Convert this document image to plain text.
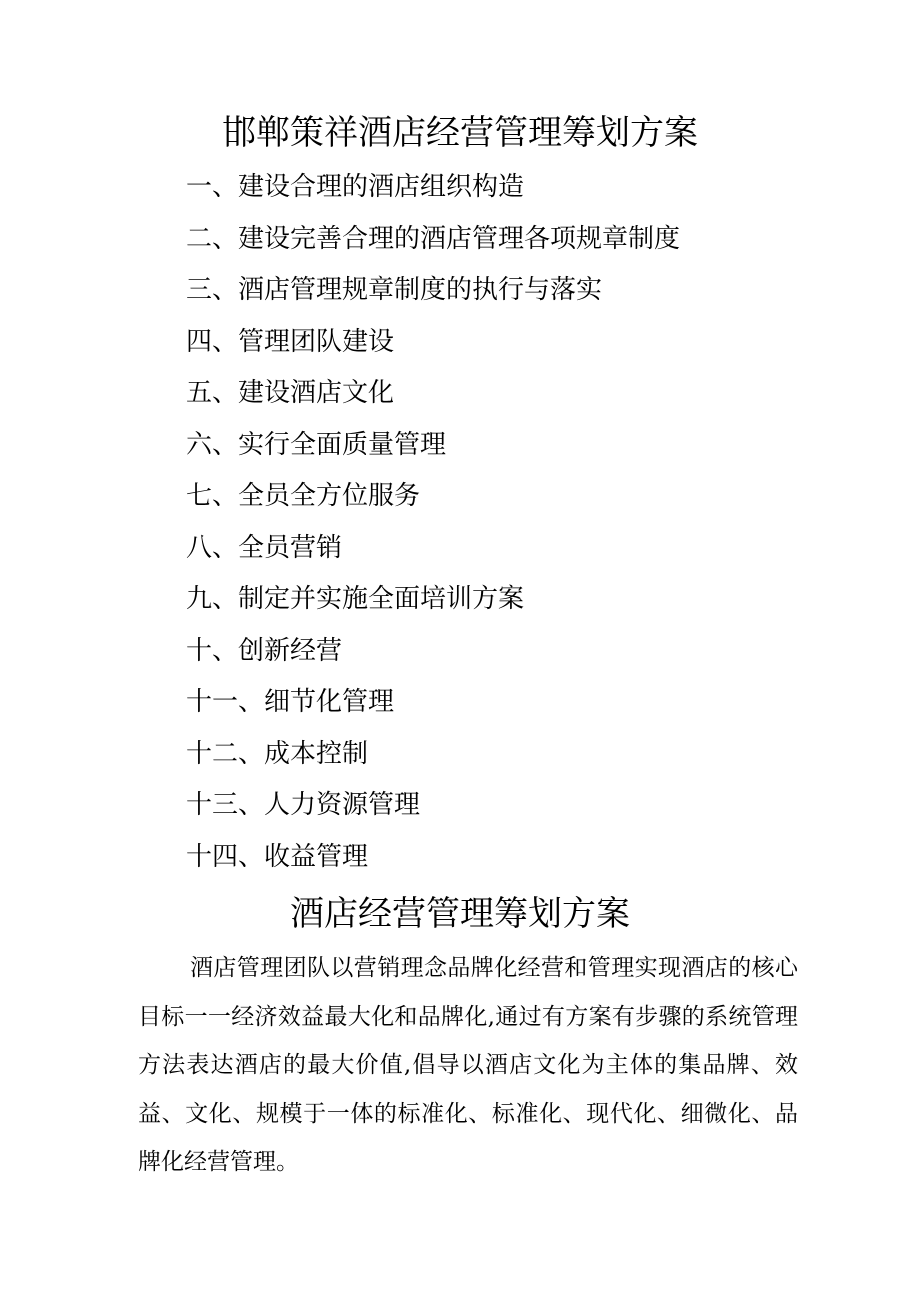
邯郸策祥酒店经营管理筹划方案
一、建设合理的酒店组织构造
二、建设完善合理的酒店管理各项规章制度
三、酒店管理规章制度的执行与落实
四、管理团队建设
五、建设酒店文化
六、实行全面质量管理
七、全员全方位服务
八、全员营销
九、制定并实施全面培训方案
十、创新经营
十一、细节化管理
十二、成本控制
十三、人力资源管理
十四、收益管理
酒店经营管理筹划方案

酒店管理团队以营销理念品牌化经营和管理实现酒店的核心目标一一经济效益最大化和品牌化,通过有方案有步骤的系统管理方法表达酒店的最大价值,倡导以酒店文化为主体的集品牌、效益、文化、规模于一体的标准化、标准化、现代化、细微化、品牌化经营管理。
